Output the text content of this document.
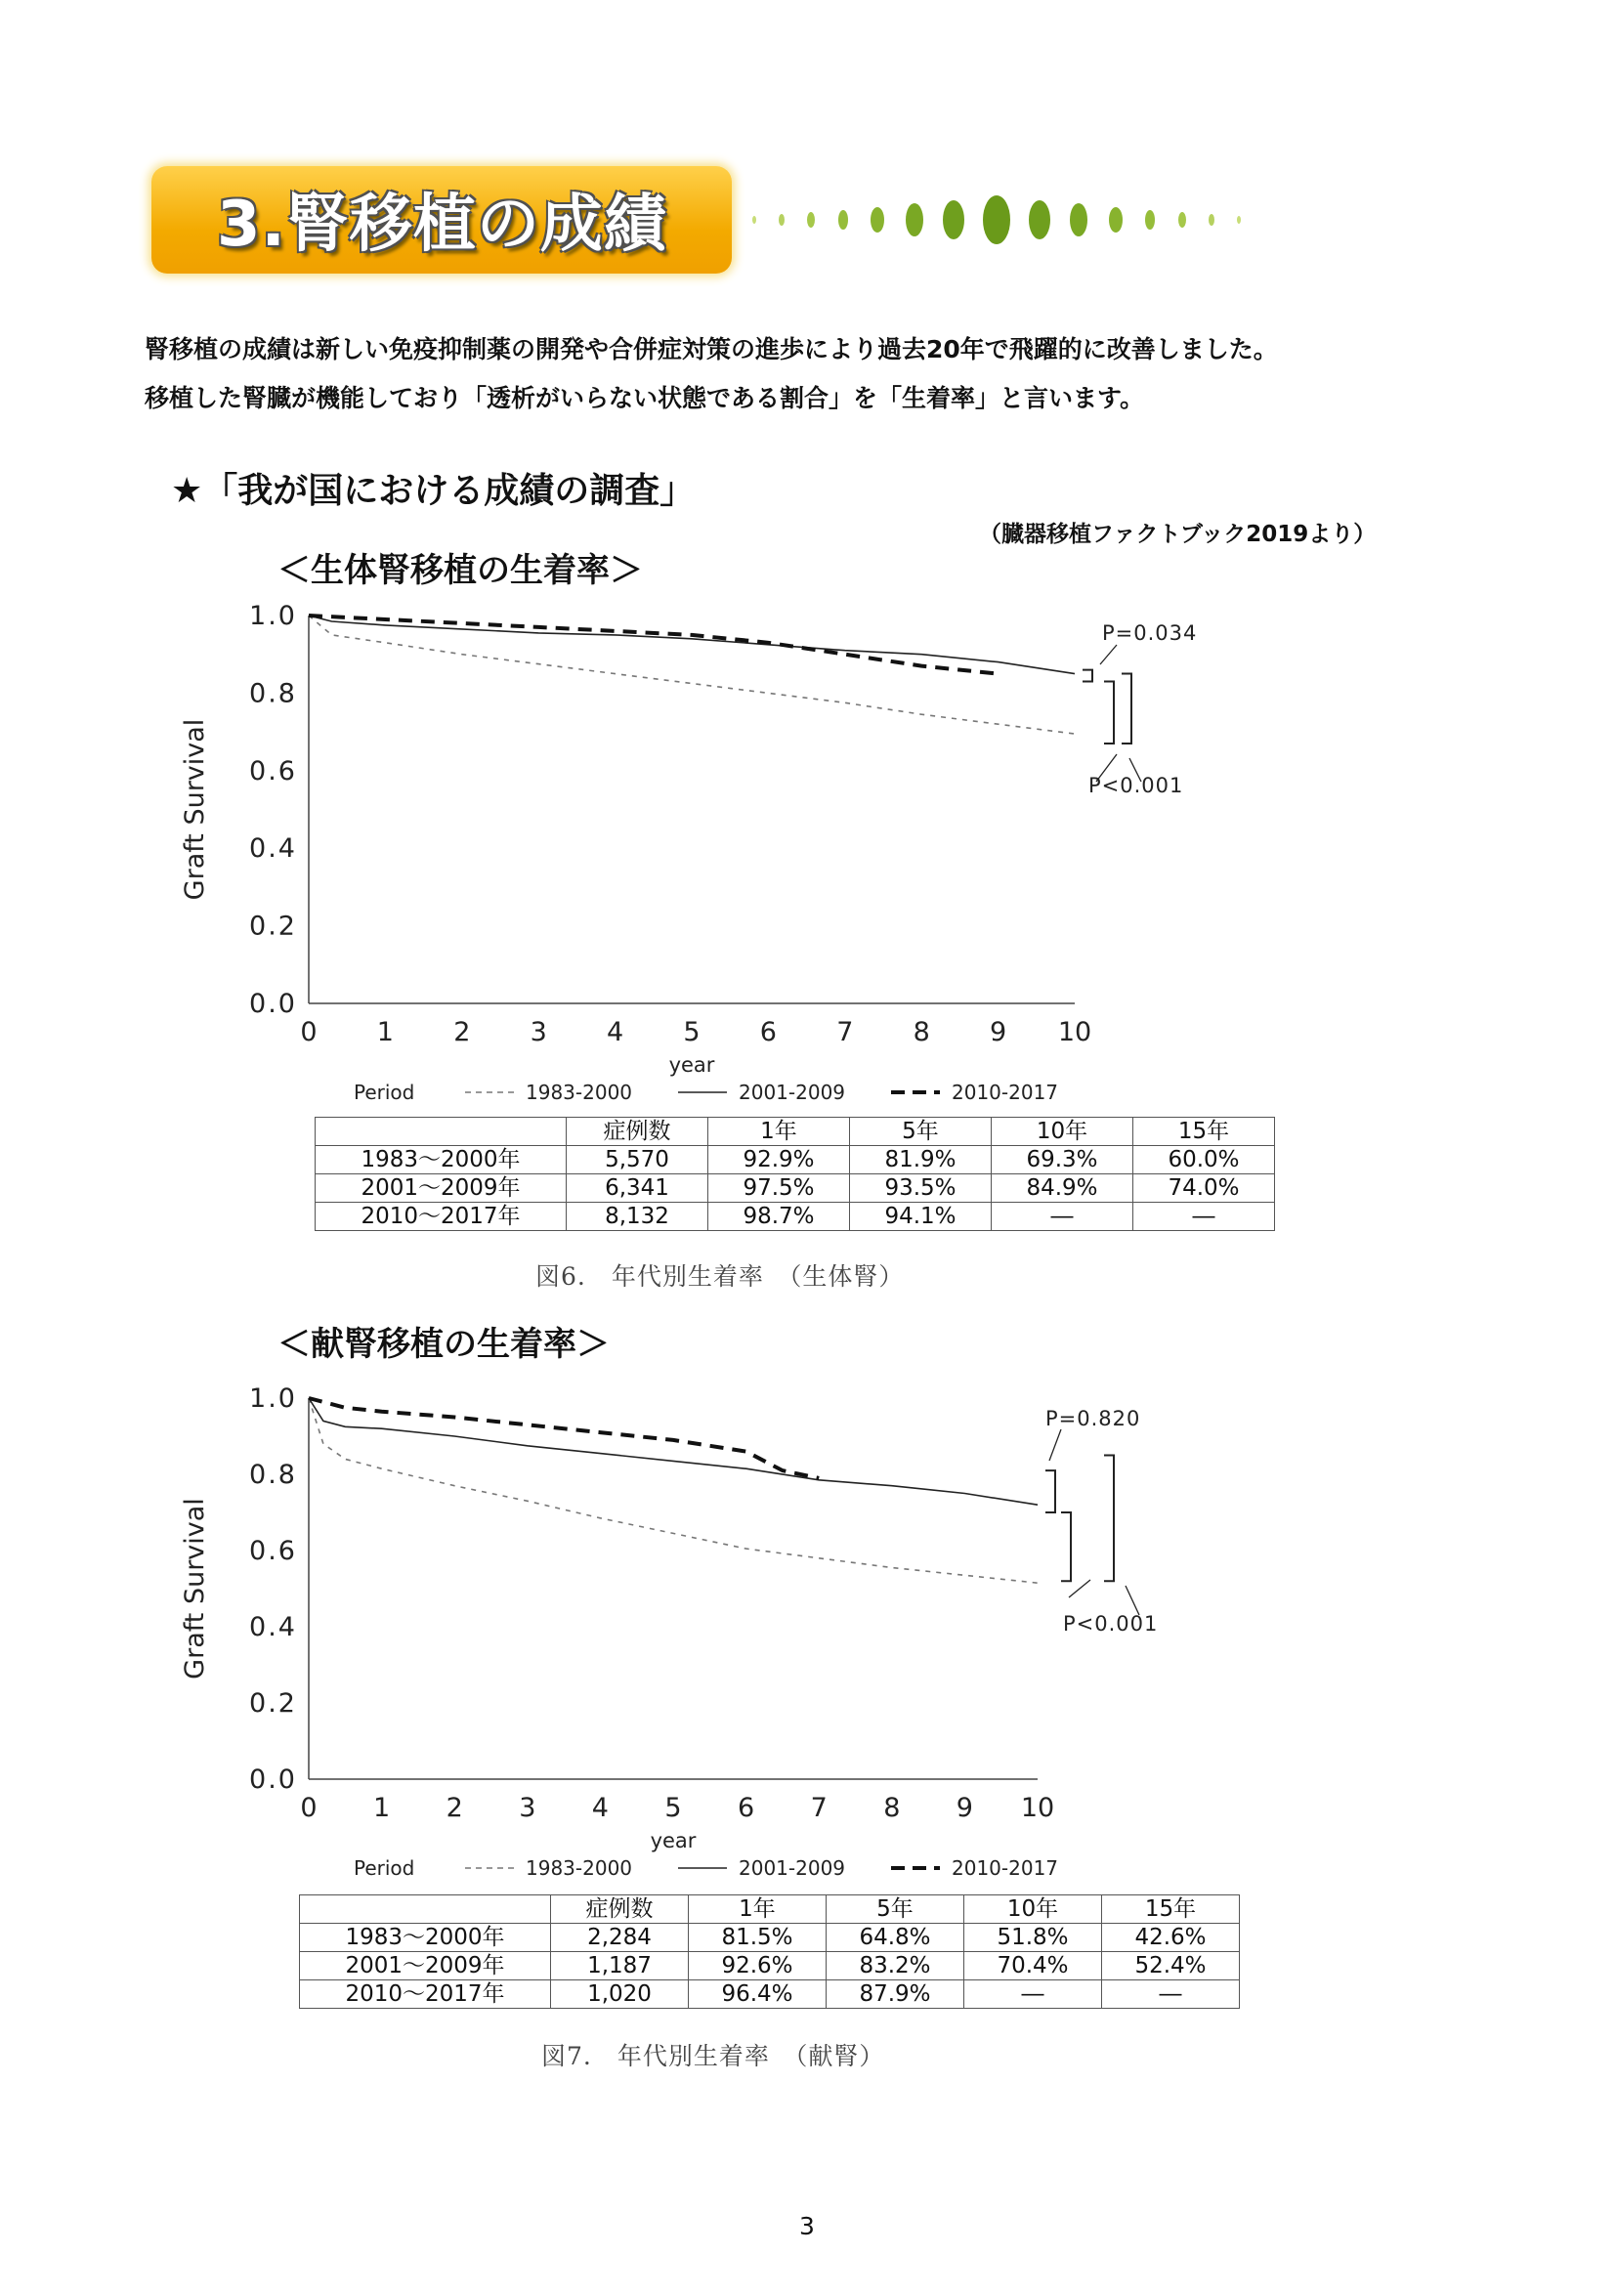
3.腎移植の成績
腎移植の成績は新しい免疫抑制薬の開発や合併症対策の進歩により過去20年で飛躍的に改善しました。
移植した腎臓が機能しており「透析がいらない状態である割合」を「生着率」と言います。
★「我が国における成績の調査」
（臓器移植ファクトブック2019より）
＜生体腎移植の生着率＞
0.0
0.2
0.4
0.6
0.8
1.0
0 1 2 3 4 5 6 7 8 9 10
year
Graft Survival
Period	1983-2000	2001-2009	2010-2017
P=0.034
P<0.001
	症例数	1年	5年	10年	15年
1983～2000年	5,570	92.9%	81.9%	69.3%	60.0%
2001～2009年	6,341	97.5%	93.5%	84.9%	74.0%
2010～2017年	8,132	98.7%	94.1%	―	―
図6.　年代別生着率　（生体腎）
＜献腎移植の生着率＞
0.0
0.2
0.4
0.6
0.8
1.0
0 1 2 3 4 5 6 7 8 9 10
year
Graft Survival
Period	1983-2000	2001-2009	2010-2017
P=0.820
P<0.001
	症例数	1年	5年	10年	15年
1983～2000年	2,284	81.5%	64.8%	51.8%	42.6%
2001～2009年	1,187	92.6%	83.2%	70.4%	52.4%
2010～2017年	1,020	96.4%	87.9%	―	―
図7.　年代別生着率　（献腎）
3
